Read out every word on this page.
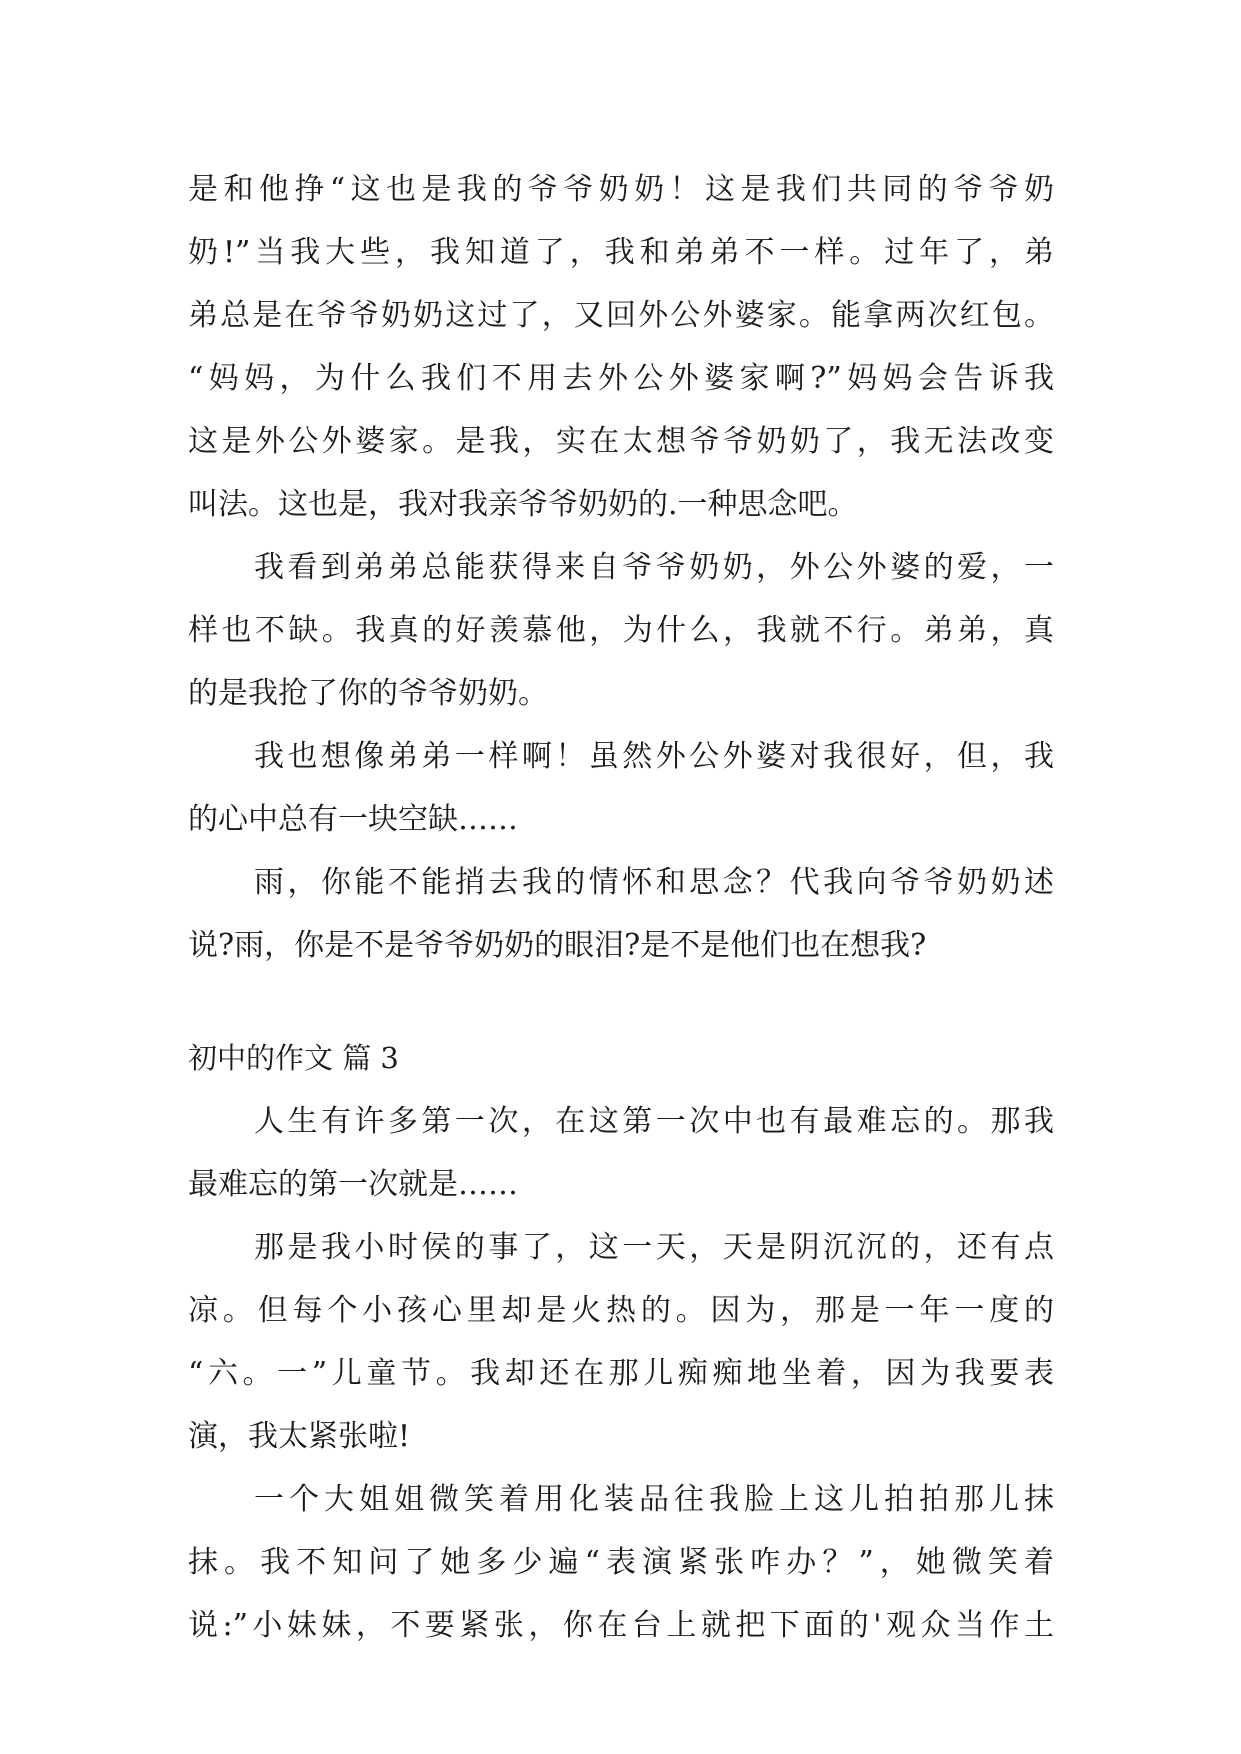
是和他挣“这也是我的爷爷奶奶！这是我们共同的爷爷奶
奶!”当我大些，我知道了，我和弟弟不一样。过年了，弟
弟总是在爷爷奶奶这过了，又回外公外婆家。能拿两次红包。
“妈妈，为什么我们不用去外公外婆家啊?”妈妈会告诉我
这是外公外婆家。是我，实在太想爷爷奶奶了，我无法改变
叫法。这也是，我对我亲爷爷奶奶的.一种思念吧。
我看到弟弟总能获得来自爷爷奶奶，外公外婆的爱，一
样也不缺。我真的好羡慕他，为什么，我就不行。弟弟，真
的是我抢了你的爷爷奶奶。
我也想像弟弟一样啊！虽然外公外婆对我很好，但，我
的心中总有一块空缺……
雨，你能不能捎去我的情怀和思念？代我向爷爷奶奶述
说?雨，你是不是爷爷奶奶的眼泪?是不是他们也在想我?
初中的作文 篇 3
人生有许多第一次，在这第一次中也有最难忘的。那我
最难忘的第一次就是……
那是我小时侯的事了，这一天，天是阴沉沉的，还有点
凉。但每个小孩心里却是火热的。因为，那是一年一度的
“六。一”儿童节。我却还在那儿痴痴地坐着，因为我要表
演，我太紧张啦!
一个大姐姐微笑着用化装品往我脸上这儿拍拍那儿抹
抹。我不知问了她多少遍“表演紧张咋办？”，她微笑着
说:”小妹妹，不要紧张，你在台上就把下面的'观众当作土
